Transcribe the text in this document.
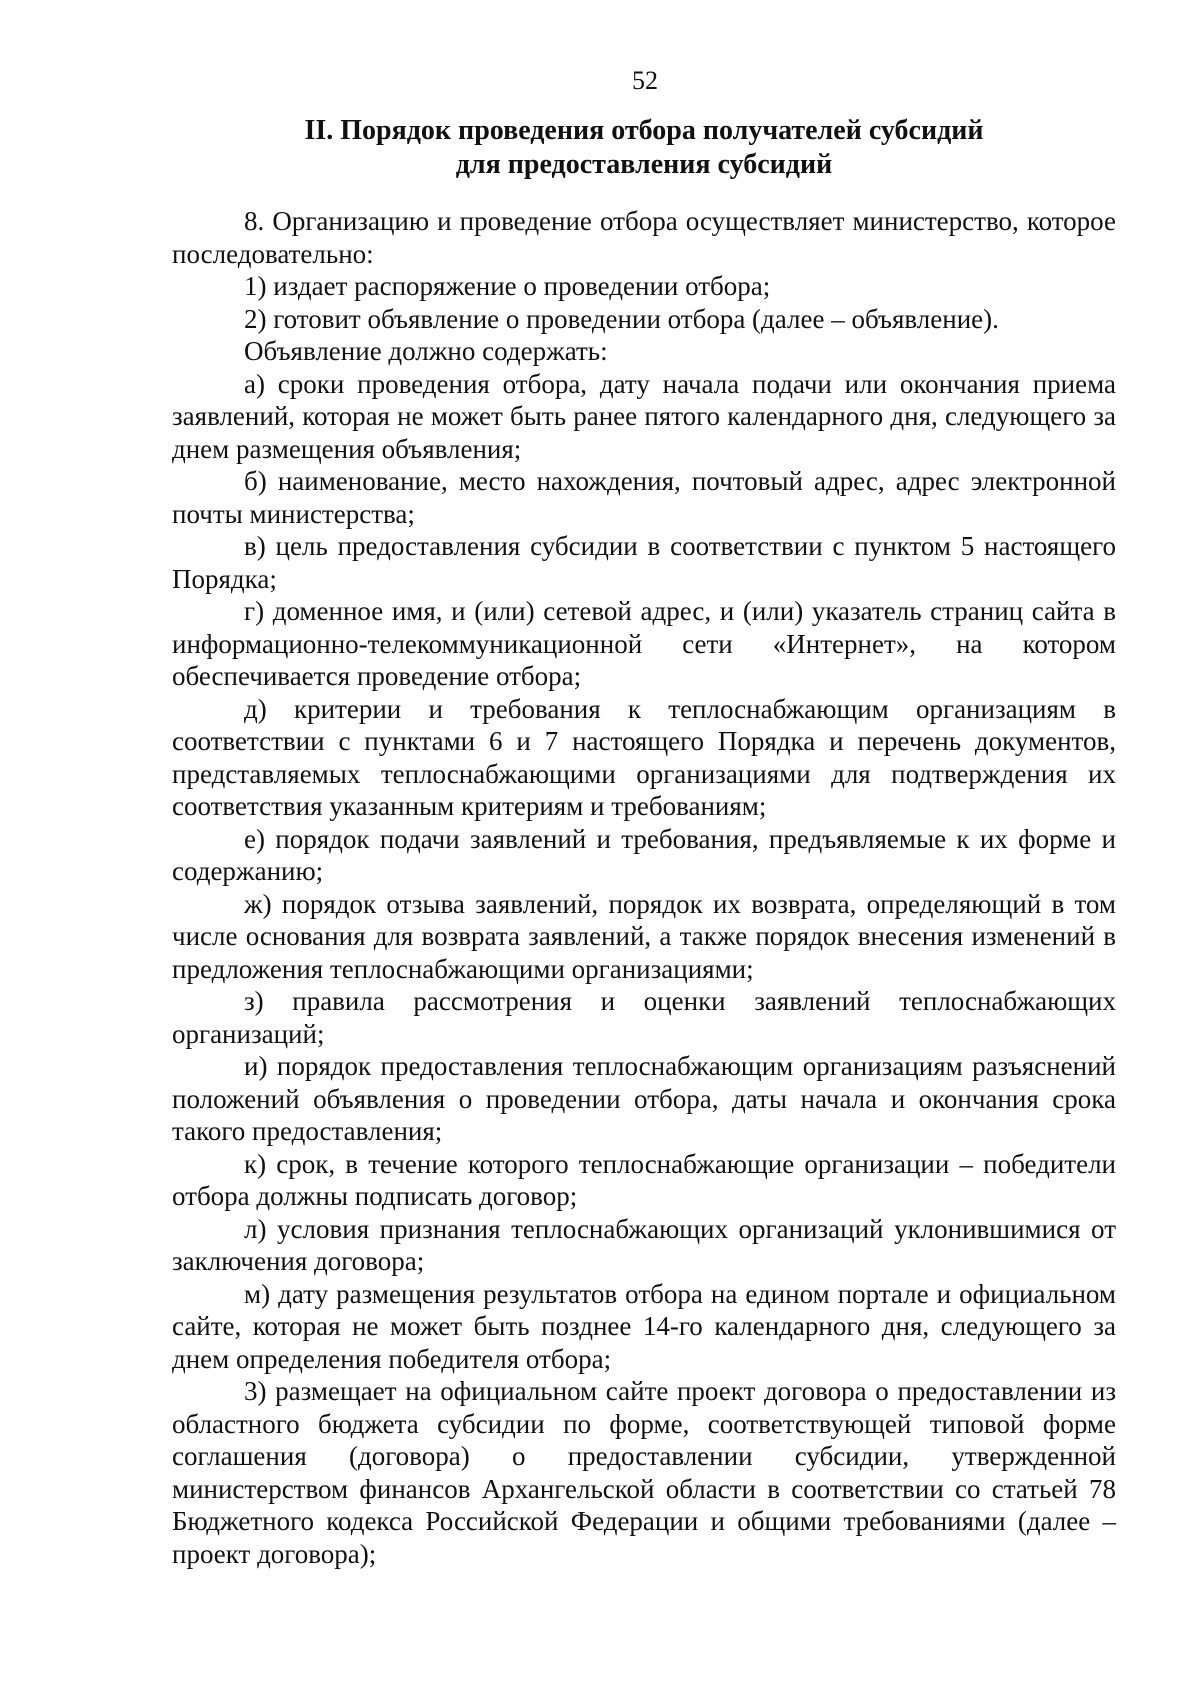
52
II. Порядок проведения отбора получателей субсидий
для предоставления субсидий

8. Организацию и проведение отбора осуществляет министерство, которое последовательно:

1) издает распоряжение о проведении отбора;

2) готовит объявление о проведении отбора (далее – объявление).

Объявление должно содержать:

а) сроки проведения отбора, дату начала подачи или окончания приема заявлений, которая не может быть ранее пятого календарного дня, следующего за днем размещения объявления;

б) наименование, место нахождения, почтовый адрес, адрес электронной почты министерства;

в) цель предоставления субсидии в соответствии с пунктом 5 настоящего Порядка;

г) доменное имя, и (или) сетевой адрес, и (или) указатель страниц сайта в информационно-телекоммуникационной сети «Интернет», на котором обеспечивается проведение отбора;

д) критерии и требования к теплоснабжающим организациям в соответствии с пунктами 6 и 7 настоящего Порядка и перечень документов, представляемых теплоснабжающими организациями для подтверждения их соответствия указанным критериям и требованиям;

е) порядок подачи заявлений и требования, предъявляемые к их форме и содержанию;

ж) порядок отзыва заявлений, порядок их возврата, определяющий в том числе основания для возврата заявлений, а также порядок внесения изменений в предложения теплоснабжающими организациями;

з) правила рассмотрения и оценки заявлений теплоснабжающих организаций;

и) порядок предоставления теплоснабжающим организациям разъяснений положений объявления о проведении отбора, даты начала и окончания срока такого предоставления;

к) срок, в течение которого теплоснабжающие организации – победители отбора должны подписать договор;

л) условия признания теплоснабжающих организаций уклонившимися от заключения договора;

м) дату размещения результатов отбора на едином портале и официальном сайте, которая не может быть позднее 14-го календарного дня, следующего за днем определения победителя отбора;

3) размещает на официальном сайте проект договора о предоставлении из областного бюджета субсидии по форме, соответствующей типовой форме соглашения (договора) о предоставлении субсидии, утвержденной министерством финансов Архангельской области в соответствии со статьей 78 Бюджетного кодекса Российской Федерации и общими требованиями (далее – проект договора);
